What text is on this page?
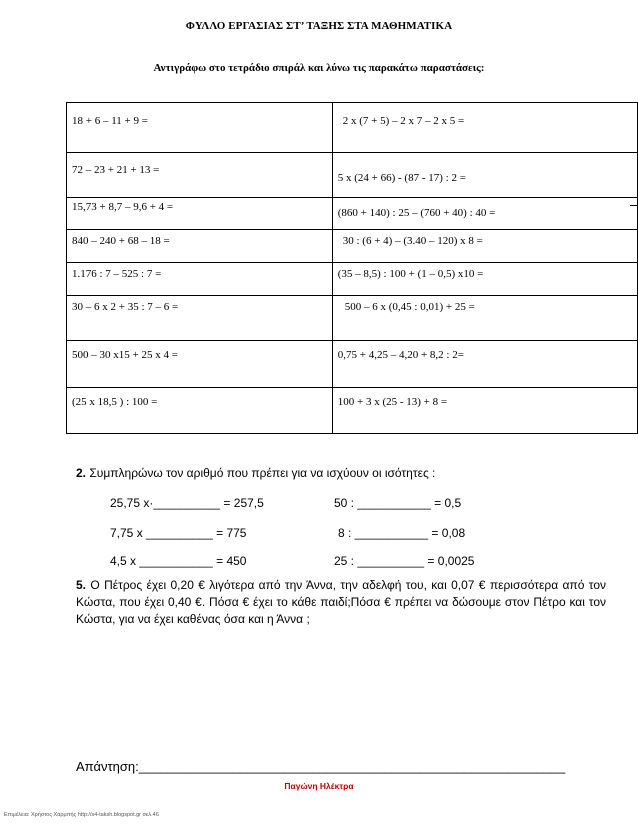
ΦΥΛΛΟ ΕΡΓΑΣΙΑΣ ΣΤ’ ΤΑΞΗΣ ΣΤΑ ΜΑΘΗΜΑΤΙΚΑ
Αντιγράφω στο τετράδιο σπιράλ και λύνω τις παρακάτω παραστάσεις:
18 + 6 – 11 + 9 =	2 x (7 + 5) – 2 x 7 – 2 x 5 =
72 – 23 + 21 + 13 =	5 x (24 + 66) - (87 - 17) : 2 =
15,73 + 8,7 – 9,6 + 4 =	(860 + 140) : 25 – (760 + 40) : 40 =
840 – 240 + 68 – 18 =	30 : (6 + 4) – (3.40 – 120) x 8 =
1.176 : 7 – 525 : 7 =	(35 – 8,5) : 100 + (1 – 0,5) x10 =
30 – 6 x 2 + 35 : 7 – 6 =	500 – 6 x (0,45 : 0,01) + 25 =
500 – 30 x15 + 25 x 4 =	0,75 + 4,25 – 4,20 + 8,2 : 2=
(25 x 18,5 ) : 100 =	100 + 3 x (25 - 13) + 8 =
2. Συμπληρώνω τον αριθμό που πρέπει για να ισχύουν οι ισότητες :
25,75 x·__________ = 257,5	50 : ___________ = 0,5
7,75 x __________ = 775	8 : ___________ = 0,08
4,5 x ___________ = 450	25 : __________ = 0,0025
5. Ο Πέτρος έχει 0,20 € λιγότερα από την Άννα, την αδελφή του, και 0,07 € περισσότερα από τον Κώστα, που έχει 0,40 €. Πόσα € έχει το κάθε παιδί;Πόσα € πρέπει να δώσουμε στον Πέτρο και τον Κώστα, για να έχει καθένας όσα και η Άννα ;
Απάντηση:___________________________________________________________
Παγώνη Ηλέκτρα
Επιμέλεια: Χρήστος Χαρμπής http://s4-taksh.blogspot.gr σελ.46
